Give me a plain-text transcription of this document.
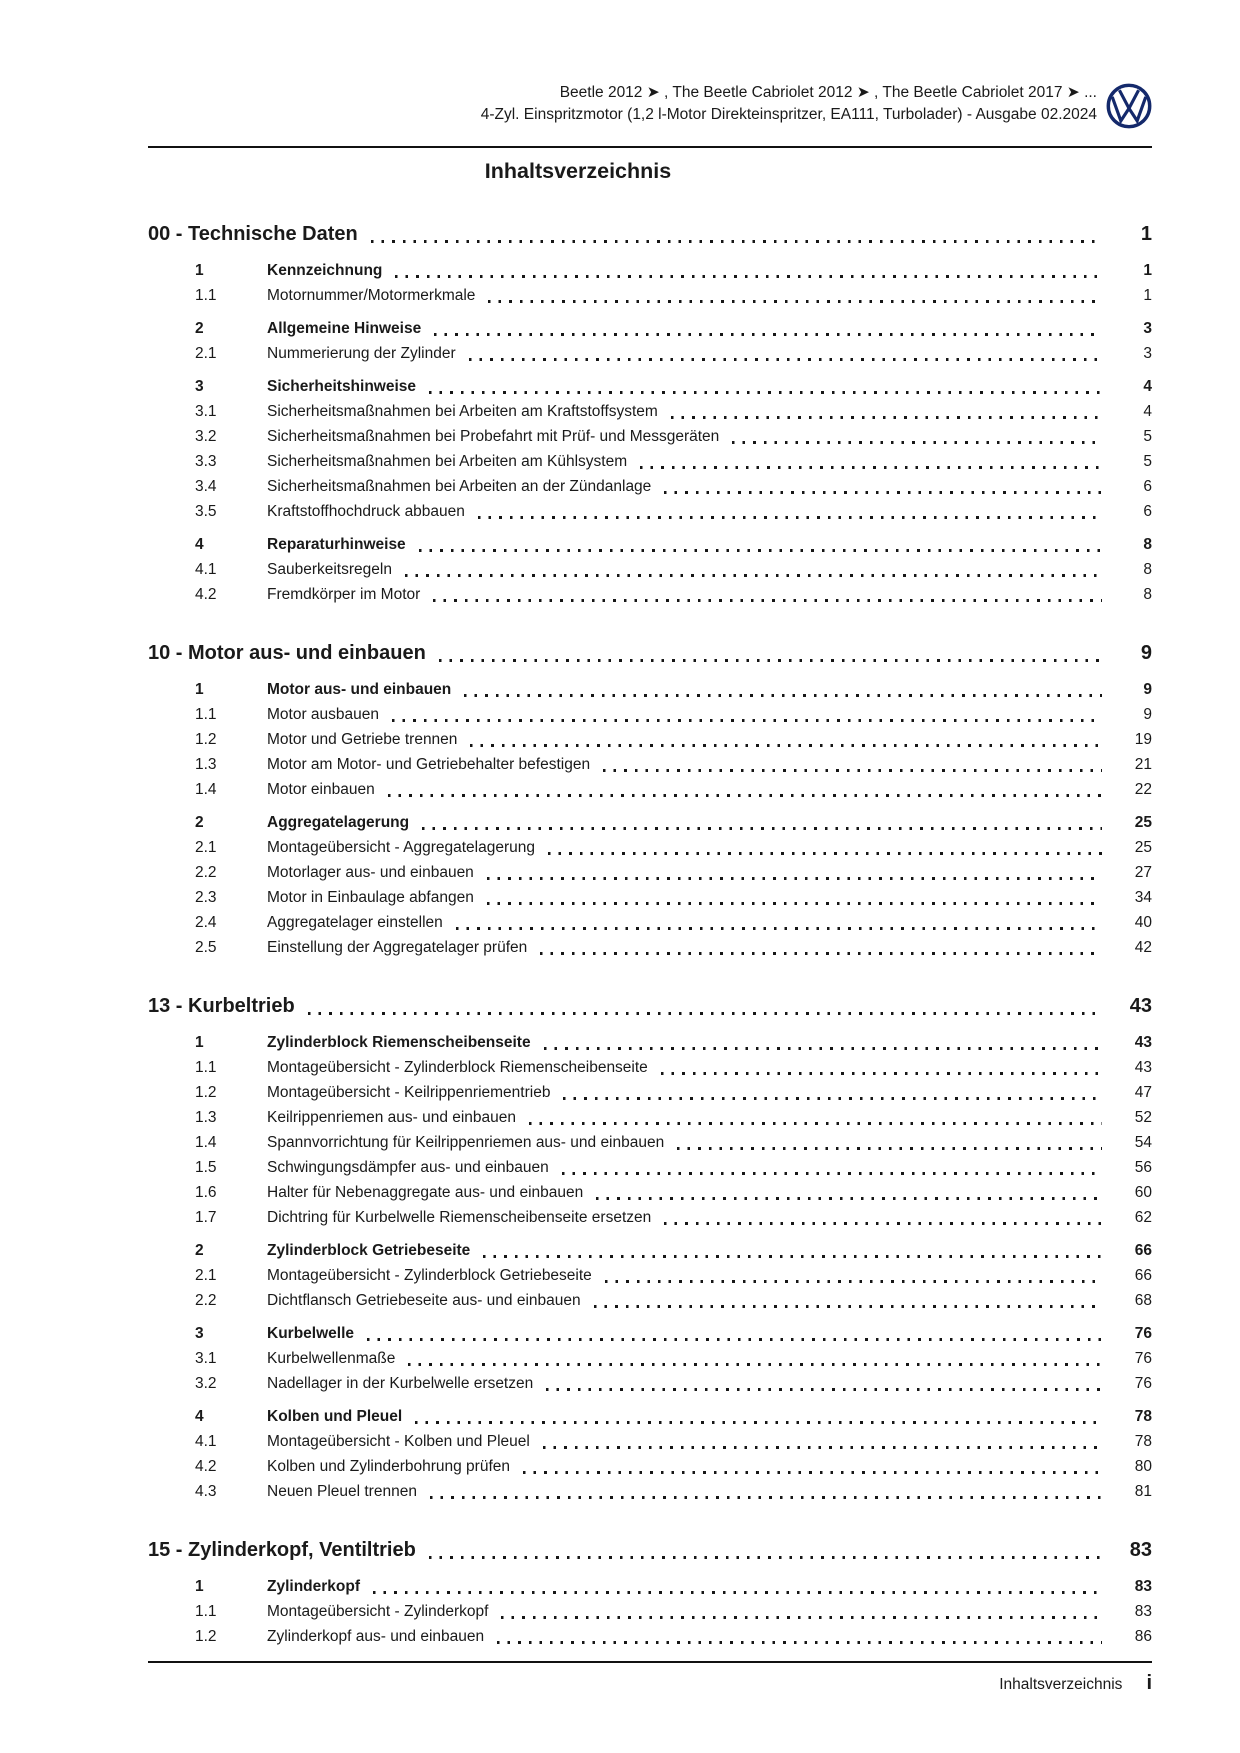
Beetle 2012 ➤ , The Beetle Cabriolet 2012 ➤ , The Beetle Cabriolet 2017 ➤ ...
4-Zyl. Einspritzmotor (1,2 l-Motor Direkteinspritzer, EA111, Turbolader) - Ausgabe 02.2024
Inhaltsverzeichnis
00 - Technische Daten	1
1	Kennzeichnung	1
1.1	Motornummer/Motormerkmale	1
2	Allgemeine Hinweise	3
2.1	Nummerierung der Zylinder	3
3	Sicherheitshinweise	4
3.1	Sicherheitsmaßnahmen bei Arbeiten am Kraftstoffsystem	4
3.2	Sicherheitsmaßnahmen bei Probefahrt mit Prüf- und Messgeräten	5
3.3	Sicherheitsmaßnahmen bei Arbeiten am Kühlsystem	5
3.4	Sicherheitsmaßnahmen bei Arbeiten an der Zündanlage	6
3.5	Kraftstoffhochdruck abbauen	6
4	Reparaturhinweise	8
4.1	Sauberkeitsregeln	8
4.2	Fremdkörper im Motor	8
10 - Motor aus- und einbauen	9
1	Motor aus- und einbauen	9
1.1	Motor ausbauen	9
1.2	Motor und Getriebe trennen	19
1.3	Motor am Motor- und Getriebehalter befestigen	21
1.4	Motor einbauen	22
2	Aggregatelagerung	25
2.1	Montageübersicht - Aggregatelagerung	25
2.2	Motorlager aus- und einbauen	27
2.3	Motor in Einbaulage abfangen	34
2.4	Aggregatelager einstellen	40
2.5	Einstellung der Aggregatelager prüfen	42
13 - Kurbeltrieb	43
1	Zylinderblock Riemenscheibenseite	43
1.1	Montageübersicht - Zylinderblock Riemenscheibenseite	43
1.2	Montageübersicht - Keilrippenriementrieb	47
1.3	Keilrippenriemen aus- und einbauen	52
1.4	Spannvorrichtung für Keilrippenriemen aus- und einbauen	54
1.5	Schwingungsdämpfer aus- und einbauen	56
1.6	Halter für Nebenaggregate aus- und einbauen	60
1.7	Dichtring für Kurbelwelle Riemenscheibenseite ersetzen	62
2	Zylinderblock Getriebeseite	66
2.1	Montageübersicht - Zylinderblock Getriebeseite	66
2.2	Dichtflansch Getriebeseite aus- und einbauen	68
3	Kurbelwelle	76
3.1	Kurbelwellenmaße	76
3.2	Nadellager in der Kurbelwelle ersetzen	76
4	Kolben und Pleuel	78
4.1	Montageübersicht - Kolben und Pleuel	78
4.2	Kolben und Zylinderbohrung prüfen	80
4.3	Neuen Pleuel trennen	81
15 - Zylinderkopf, Ventiltrieb	83
1	Zylinderkopf	83
1.1	Montageübersicht - Zylinderkopf	83
1.2	Zylinderkopf aus- und einbauen	86
Inhaltsverzeichnis i
